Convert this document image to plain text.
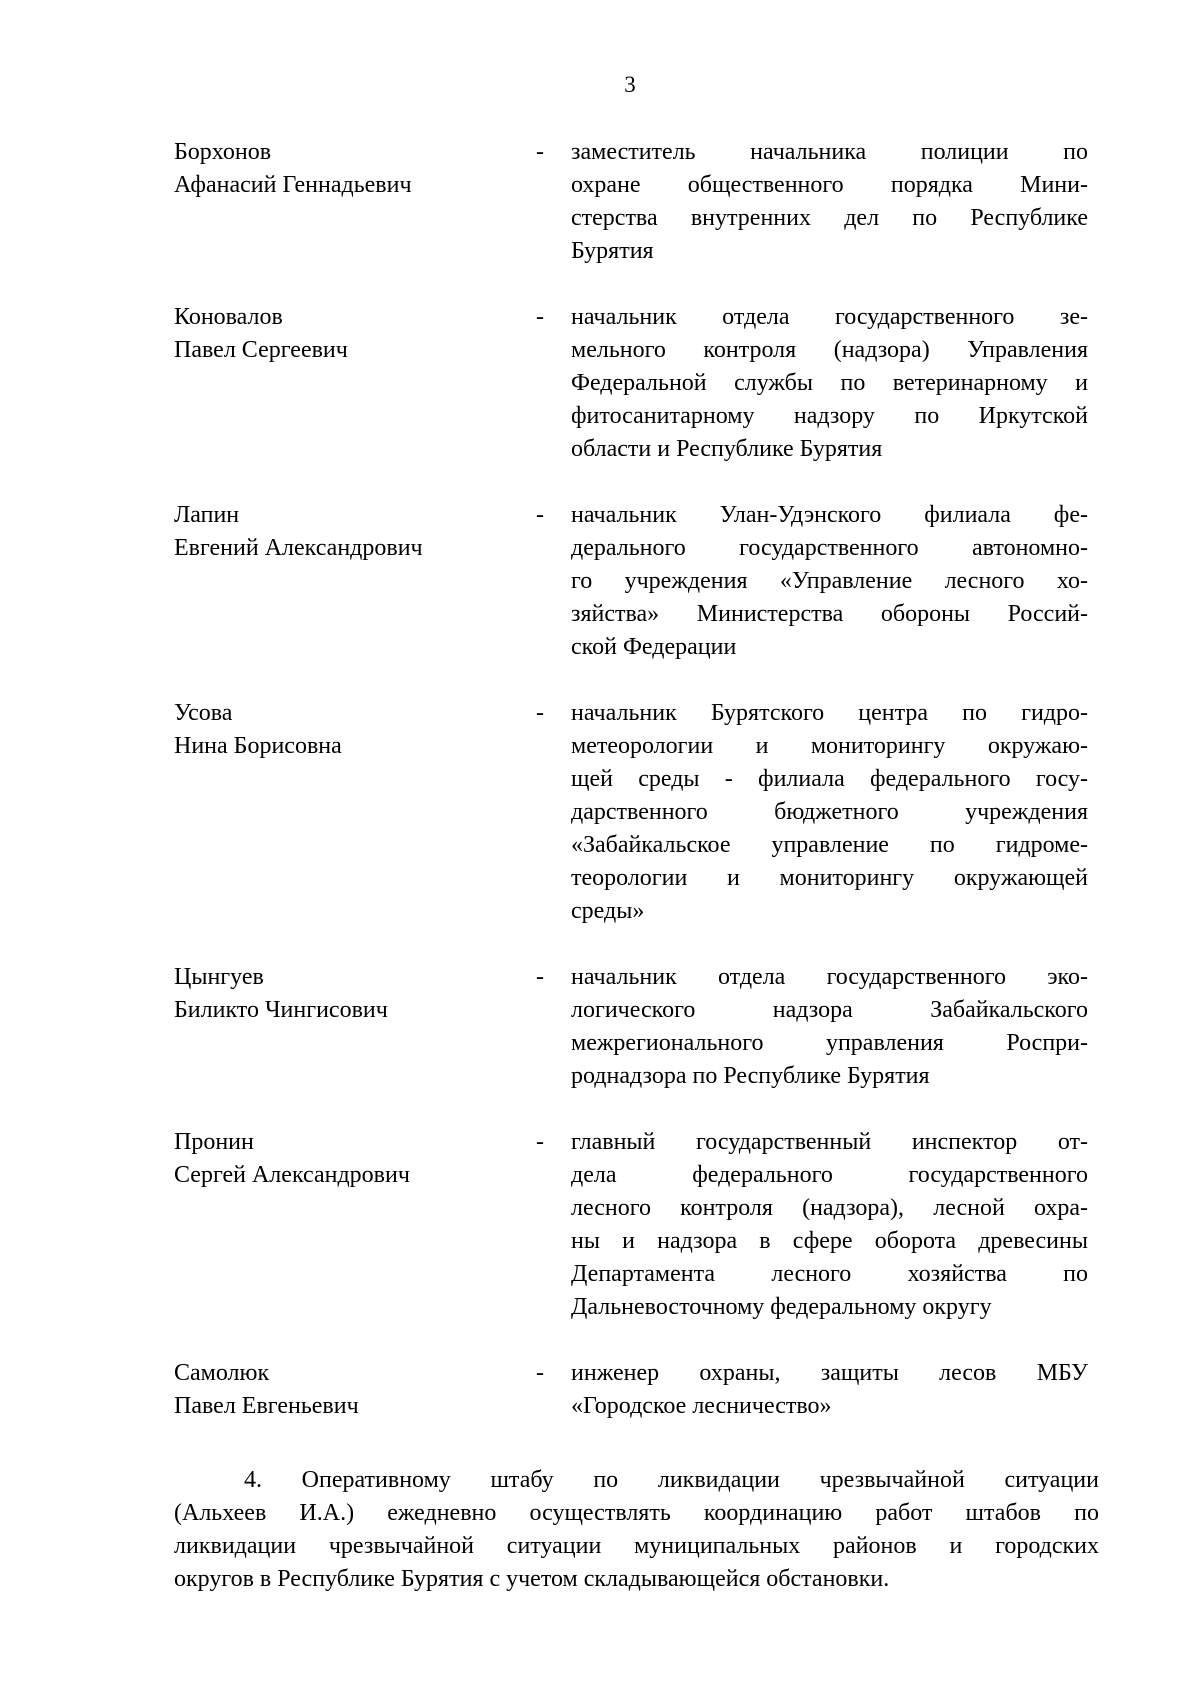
3
Борхонов
Афанасий Геннадьевич
-	заместитель начальника полиции по
охране общественного порядка Мини-
стерства внутренних дел по Республике
Бурятия
Коновалов
Павел Сергеевич
-	начальник отдела государственного зе-
мельного контроля (надзора) Управления
Федеральной службы по ветеринарному и
фитосанитарному надзору по Иркутской
области и Республике Бурятия
Лапин
Евгений Александрович
-	начальник Улан-Удэнского филиала фе-
дерального государственного автономно-
го учреждения «Управление лесного хо-
зяйства» Министерства обороны Россий-
ской Федерации
Усова
Нина Борисовна
-	начальник Бурятского центра по гидро-
метеорологии и мониторингу окружаю-
щей среды - филиала федерального госу-
дарственного бюджетного учреждения
«Забайкальское управление по гидроме-
теорологии и мониторингу окружающей
среды»
Цынгуев
Биликто Чингисович
-	начальник отдела государственного эко-
логического надзора Забайкальского
межрегионального управления Роспри-
роднадзора по Республике Бурятия
Пронин
Сергей Александрович
-	главный государственный инспектор от-
дела федерального государственного
лесного контроля (надзора), лесной охра-
ны и надзора в сфере оборота древесины
Департамента лесного хозяйства по
Дальневосточному федеральному округу
Самолюк
Павел Евгеньевич
-	инженер охраны, защиты лесов МБУ
«Городское лесничество»
4. Оперативному штабу по ликвидации чрезвычайной ситуации
(Альхеев И.А.) ежедневно осуществлять координацию работ штабов по
ликвидации чрезвычайной ситуации муниципальных районов и городских
округов в Республике Бурятия с учетом складывающейся обстановки.
